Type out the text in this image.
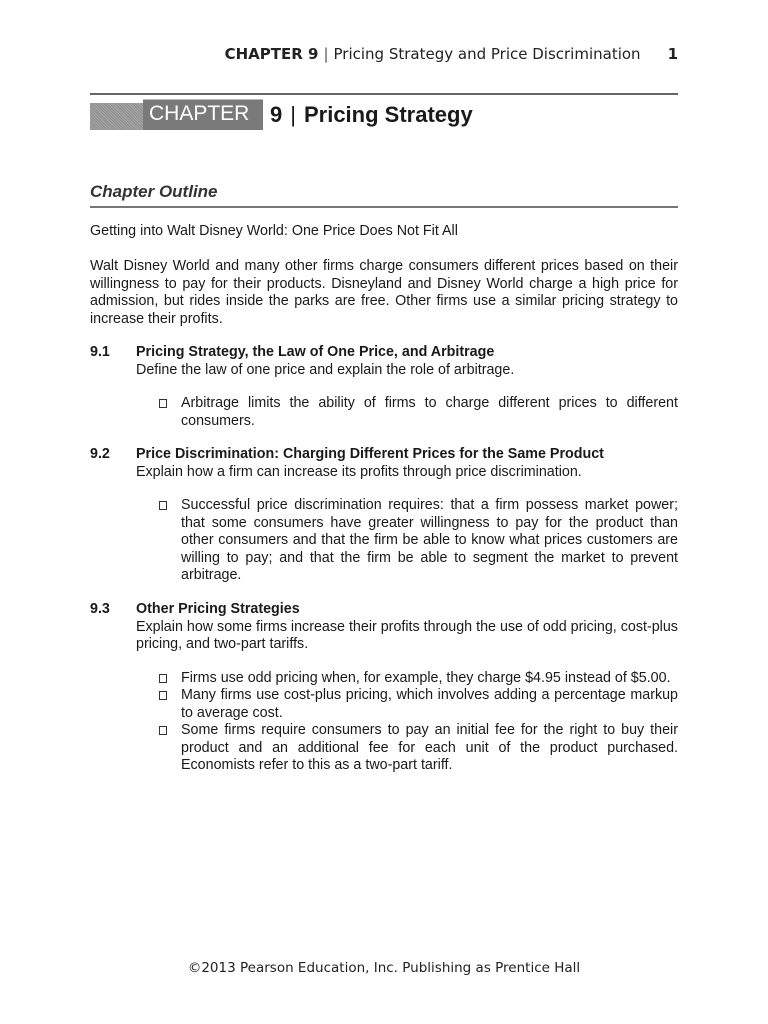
CHAPTER 9 | Pricing Strategy and Price Discrimination 1
CHAPTER 9 | Pricing Strategy
Chapter Outline
Getting into Walt Disney World: One Price Does Not Fit All
Walt Disney World and many other firms charge consumers different prices based on their willingness to pay for their products. Disneyland and Disney World charge a high price for admission, but rides inside the parks are free. Other firms use a similar pricing strategy to increase their profits.
9.1 Pricing Strategy, the Law of One Price, and Arbitrage
Define the law of one price and explain the role of arbitrage.
Arbitrage limits the ability of firms to charge different prices to different consumers.
9.2 Price Discrimination: Charging Different Prices for the Same Product
Explain how a firm can increase its profits through price discrimination.
Successful price discrimination requires: that a firm possess market power; that some consumers have greater willingness to pay for the product than other consumers and that the firm be able to know what prices customers are willing to pay; and that the firm be able to segment the market to prevent arbitrage.
9.3 Other Pricing Strategies
Explain how some firms increase their profits through the use of odd pricing, cost-plus pricing, and two-part tariffs.
Firms use odd pricing when, for example, they charge $4.95 instead of $5.00.
Many firms use cost-plus pricing, which involves adding a percentage markup to average cost.
Some firms require consumers to pay an initial fee for the right to buy their product and an additional fee for each unit of the product purchased. Economists refer to this as a two-part tariff.
©2013 Pearson Education, Inc. Publishing as Prentice Hall
